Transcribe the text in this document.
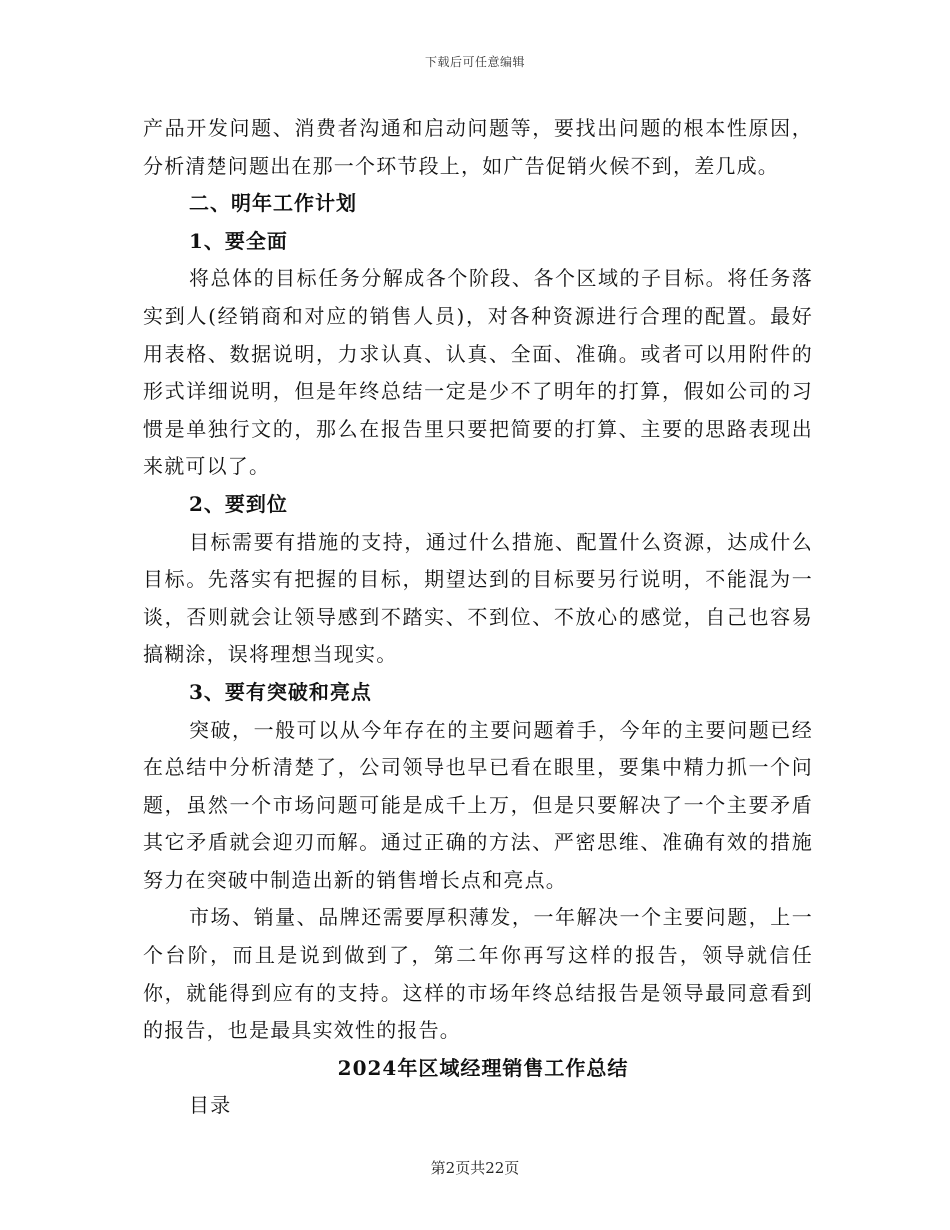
下载后可任意编辑

产品开发问题、消费者沟通和启动问题等，要找出问题的根本性原因，分析清楚问题出在那一个环节段上，如广告促销火候不到，差几成。

二、明年工作计划

1、要全面

将总体的目标任务分解成各个阶段、各个区域的子目标。将任务落实到人(经销商和对应的销售人员)，对各种资源进行合理的配置。最好用表格、数据说明，力求认真、认真、全面、准确。或者可以用附件的形式详细说明，但是年终总结一定是少不了明年的打算，假如公司的习惯是单独行文的，那么在报告里只要把简要的打算、主要的思路表现出来就可以了。

2、要到位

目标需要有措施的支持，通过什么措施、配置什么资源，达成什么目标。先落实有把握的目标，期望达到的目标要另行说明，不能混为一谈，否则就会让领导感到不踏实、不到位、不放心的感觉，自己也容易搞糊涂，误将理想当现实。

3、要有突破和亮点

突破，一般可以从今年存在的主要问题着手，今年的主要问题已经在总结中分析清楚了，公司领导也早已看在眼里，要集中精力抓一个问题，虽然一个市场问题可能是成千上万，但是只要解决了一个主要矛盾其它矛盾就会迎刃而解。通过正确的方法、严密思维、准确有效的措施努力在突破中制造出新的销售增长点和亮点。

市场、销量、品牌还需要厚积薄发，一年解决一个主要问题，上一个台阶，而且是说到做到了，第二年你再写这样的报告，领导就信任你，就能得到应有的支持。这样的市场年终总结报告是领导最同意看到的报告，也是最具实效性的报告。

2024年区域经理销售工作总结

目录

第2页共22页
